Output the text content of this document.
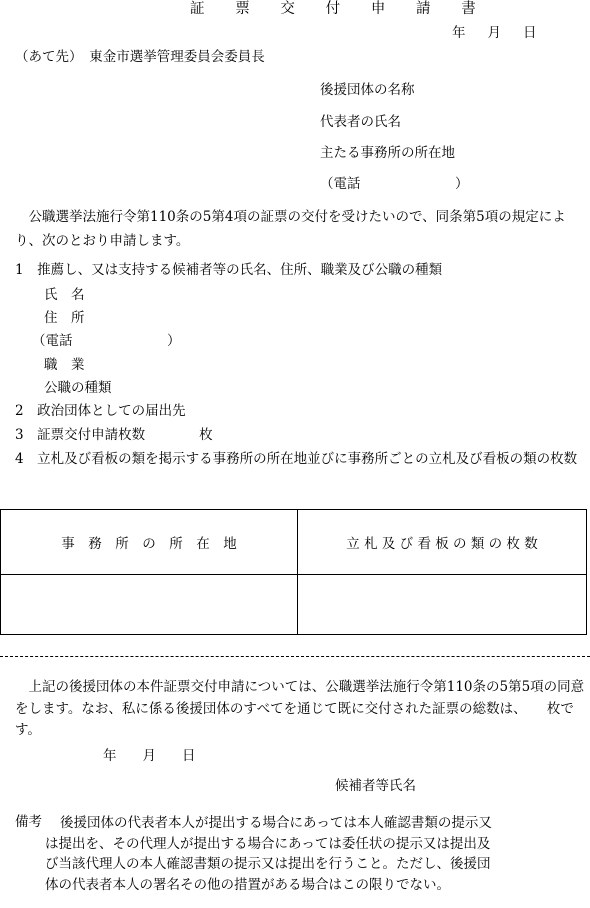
証 票 交 付 申 請 書
年 月 日
（あて先）　東金市選挙管理委員会委員長
後援団体の名称
代表者の氏名
主たる事務所の所在地
（電話　　　　　　　）
　公職選挙法施行令第110条の5第4項の証票の交付を受けたいので、同条第5項の規定により、次のとおり申請します。
1　推薦し、又は支持する候補者等の氏名、住所、職業及び公職の種類
氏　名
住　所
（電話　　　　　　　）
職　業
公職の種類
2　政治団体としての届出先
3　証票交付申請枚数　　　　枚
4　立札及び看板の類を掲示する事務所の所在地並びに事務所ごとの立札及び看板の類の枚数
事　務　所　の　所　在　地	立 札 及 び 看 板 の 類 の 枚 数

　上記の後援団体の本件証票交付申請については、公職選挙法施行令第110条の5第5項の同意をします。なお、私に係る後援団体のすべてを通じて既に交付された証票の総数は、　　枚です。
年 月 日
候補者等氏名
備考	後援団体の代表者本人が提出する場合にあっては本人確認書類の提示又は提出を、その代理人が提出する場合にあっては委任状の提示又は提出及び当該代理人の本人確認書類の提示又は提出を行うこと。ただし、後援団体の代表者本人の署名その他の措置がある場合はこの限りでない。
